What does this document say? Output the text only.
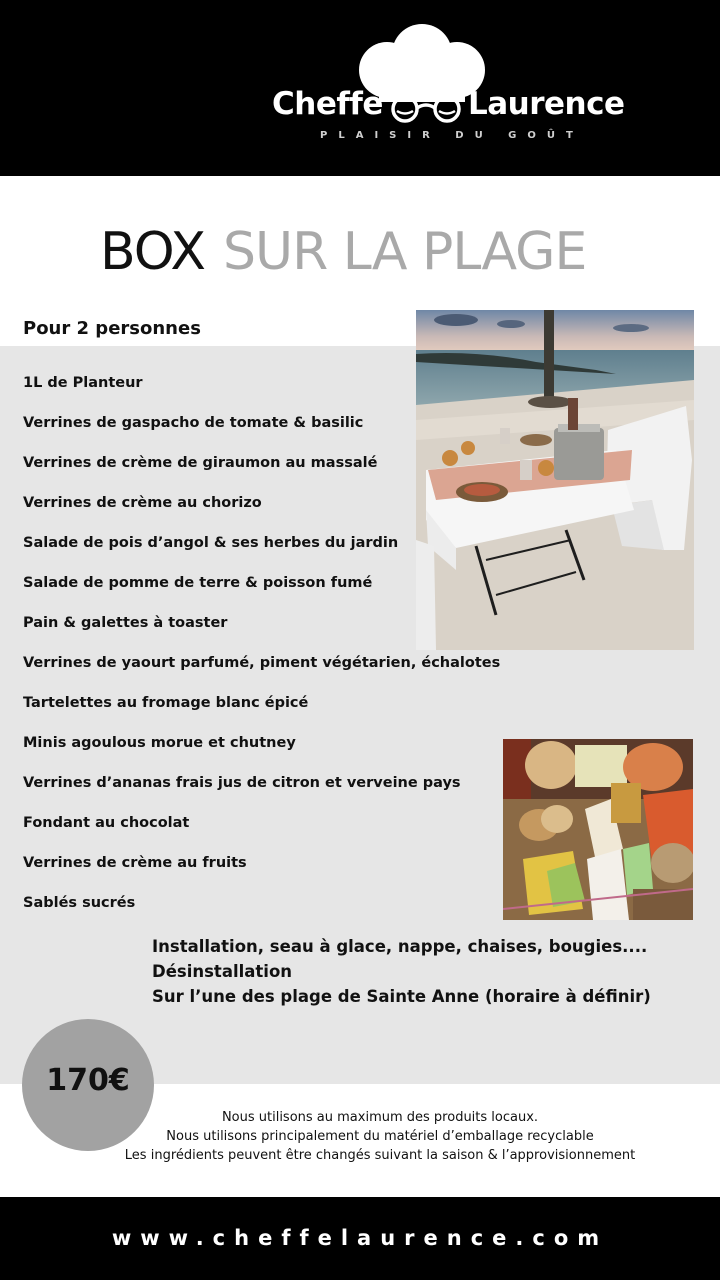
Cheffe	Laurence
PLAISIR DU GOÛT
BOX SUR LA PLAGE
Pour 2 personnes
1L de Planteur
Verrines de gaspacho de tomate & basilic
Verrines de crème de giraumon au massalé
Verrines de crème au chorizo
Salade de pois d’angol & ses herbes du jardin
Salade de pomme de terre & poisson fumé
Pain & galettes à toaster
Verrines de yaourt parfumé, piment végétarien, échalotes
Tartelettes au fromage blanc épicé
Minis agoulous morue et chutney
Verrines d’ananas frais jus de citron et verveine pays
Fondant au chocolat
Verrines de crème au fruits
Sablés sucrés
Installation, seau à glace, nappe, chaises, bougies....
Désinstallation
Sur l’une des plage de Sainte Anne (horaire à définir)
170€
Nous utilisons au maximum des produits locaux.
Nous utilisons principalement du matériel d’emballage recyclable
Les ingrédients peuvent être changés suivant la saison & l’approvisionnement
www.cheffelaurence.com
